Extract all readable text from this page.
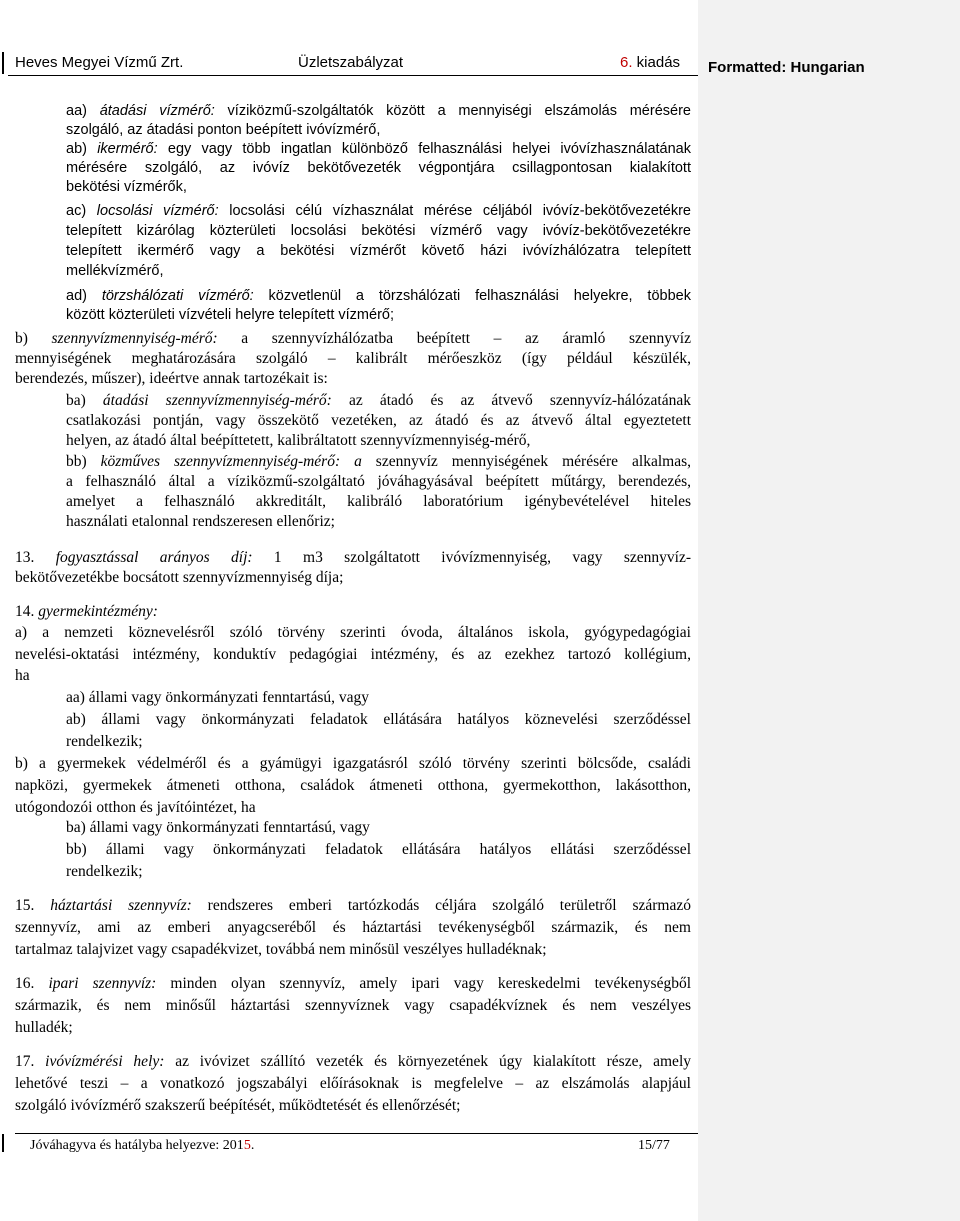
Formatted: Hungarian
Heves Megyei Vízmű Zrt.	Üzletszabályzat	6. kiadás
aa) átadási vízmérő: víziközmű-szolgáltatók között a mennyiségi elszámolás mérésére
szolgáló, az átadási ponton beépített ivóvízmérő,
ab) ikermérő: egy vagy több ingatlan különböző felhasználási helyei ivóvízhasználatának
mérésére szolgáló, az ivóvíz bekötővezeték végpontjára csillagpontosan kialakított
bekötési vízmérők,
ac) locsolási vízmérő: locsolási célú vízhasználat mérése céljából ivóvíz-bekötővezetékre
telepített kizárólag közterületi locsolási bekötési vízmérő vagy ivóvíz-bekötővezetékre
telepített ikermérő vagy a bekötési vízmérőt követő házi ivóvízhálózatra telepített
mellékvízmérő,
ad) törzshálózati vízmérő: közvetlenül a törzshálózati felhasználási helyekre, többek
között közterületi vízvételi helyre telepített vízmérő;
b) szennyvízmennyiség-mérő: a szennyvízhálózatba beépített – az áramló szennyvíz
mennyiségének meghatározására szolgáló – kalibrált mérőeszköz (így például készülék,
berendezés, műszer), ideértve annak tartozékait is:
ba) átadási szennyvízmennyiség-mérő: az átadó és az átvevő szennyvíz-hálózatának
csatlakozási pontján, vagy összekötő vezetéken, az átadó és az átvevő által egyeztetett
helyen, az átadó által beépíttetett, kalibráltatott szennyvízmennyiség-mérő,
bb) közműves szennyvízmennyiség-mérő: a szennyvíz mennyiségének mérésére alkalmas,
a felhasználó által a víziközmű-szolgáltató jóváhagyásával beépített műtárgy, berendezés,
amelyet a felhasználó akkreditált, kalibráló laboratórium igénybevételével hiteles
használati etalonnal rendszeresen ellenőriz;
13. fogyasztással arányos díj: 1 m3 szolgáltatott ivóvízmennyiség, vagy szennyvíz-
bekötővezetékbe bocsátott szennyvízmennyiség díja;
14. gyermekintézmény:
a) a nemzeti köznevelésről szóló törvény szerinti óvoda, általános iskola, gyógypedagógiai
nevelési-oktatási intézmény, konduktív pedagógiai intézmény, és az ezekhez tartozó kollégium,
ha
aa) állami vagy önkormányzati fenntartású, vagy
ab) állami vagy önkormányzati feladatok ellátására hatályos köznevelési szerződéssel
rendelkezik;
b) a gyermekek védelméről és a gyámügyi igazgatásról szóló törvény szerinti bölcsőde, családi
napközi, gyermekek átmeneti otthona, családok átmeneti otthona, gyermekotthon, lakásotthon,
utógondozói otthon és javítóintézet, ha
ba) állami vagy önkormányzati fenntartású, vagy
bb) állami vagy önkormányzati feladatok ellátására hatályos ellátási szerződéssel
rendelkezik;
15. háztartási szennyvíz: rendszeres emberi tartózkodás céljára szolgáló területről származó
szennyvíz, ami az emberi anyagcseréből és háztartási tevékenységből származik, és nem
tartalmaz talajvizet vagy csapadékvizet, továbbá nem minősül veszélyes hulladéknak;
16. ipari szennyvíz: minden olyan szennyvíz, amely ipari vagy kereskedelmi tevékenységből
származik, és nem minősűl háztartási szennyvíznek vagy csapadékvíznek és nem veszélyes
hulladék;
17. ivóvízmérési hely: az ivóvizet szállító vezeték és környezetének úgy kialakított része, amely
lehetővé teszi – a vonatkozó jogszabályi előírásoknak is megfelelve – az elszámolás alapjául
szolgáló ivóvízmérő szakszerű beépítését, működtetését és ellenőrzését;
Jóváhagyva és hatályba helyezve: 2015.	15/77
